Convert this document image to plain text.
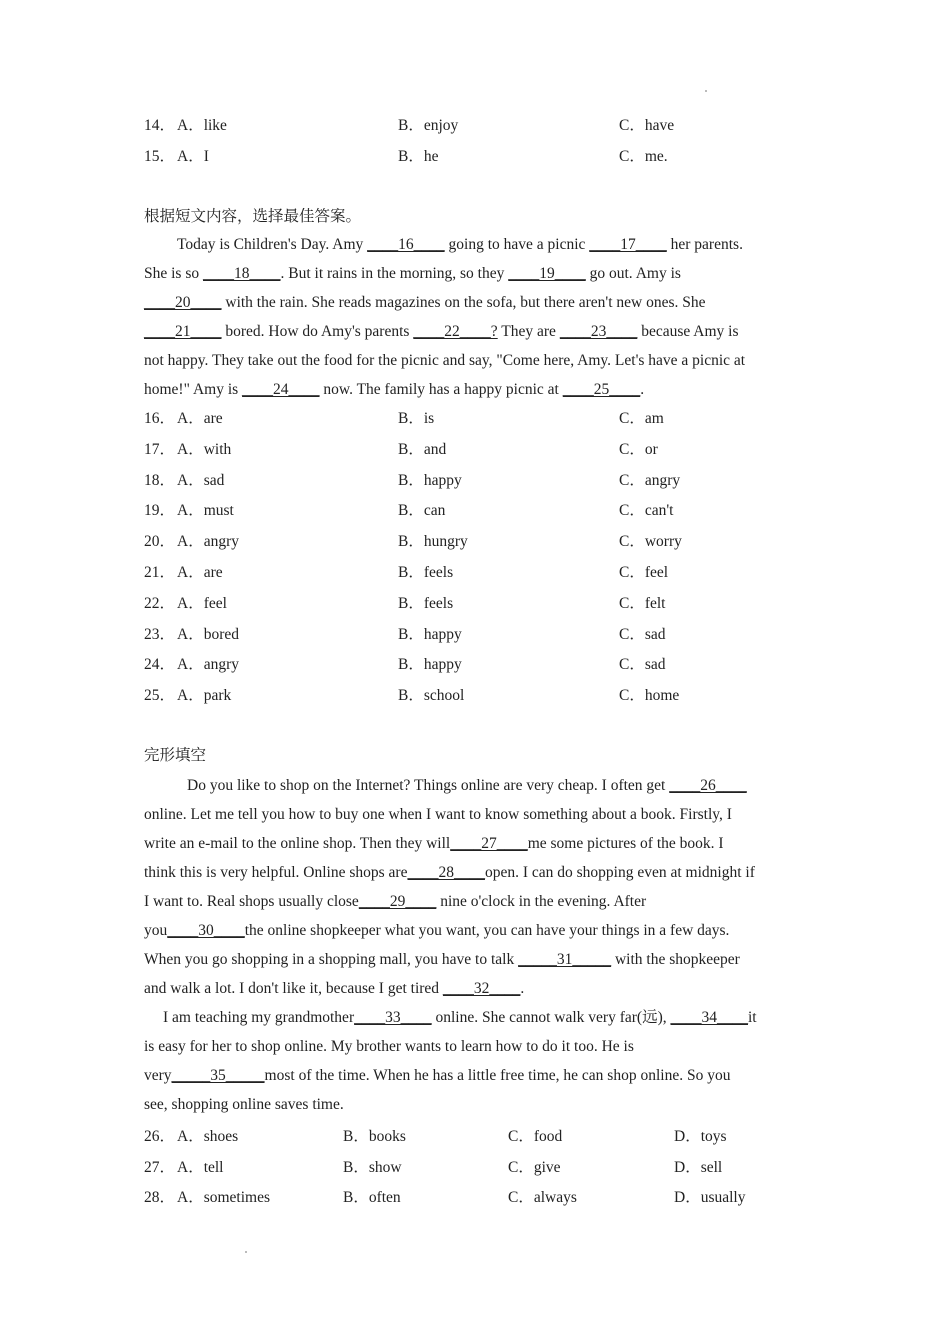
14． A．like	B．enjoy	C．have
15． A．I	B．he	C．me.
根据短文内容，选择最佳答案。
Today is Children's Day. Amy ____16____ going to have a picnic ____17____ her parents.
She is so ____18____. But it rains in the morning, so they ____19____ go out. Amy is
____20____ with the rain. She reads magazines on the sofa, but there aren't new ones. She
____21____ bored. How do Amy's parents ____22____? They are ____23____ because Amy is
not happy. They take out the food for the picnic and say, "Come here, Amy. Let's have a picnic at
home!" Amy is ____24____ now. The family has a happy picnic at ____25____.
16． A．are	B．is	C．am
17． A．with	B．and	C．or
18． A．sad	B．happy	C．angry
19． A．must	B．can	C．can't
20． A．angry	B．hungry	C．worry
21． A．are	B．feels	C．feel
22． A．feel	B．feels	C．felt
23． A．bored	B．happy	C．sad
24． A．angry	B．happy	C．sad
25． A．park	B．school	C．home
完形填空
Do you like to shop on the Internet? Things online are very cheap. I often get ____26____
online. Let me tell you how to buy one when I want to know something about a book. Firstly, I
write an e-mail to the online shop. Then they will____27____me some pictures of the book. I
think this is very helpful. Online shops are____28____open. I can do shopping even at midnight if
I want to. Real shops usually close____29____ nine o'clock in the evening. After
you____30____the online shopkeeper what you want, you can have your things in a few days.
When you go shopping in a shopping mall, you have to talk _____31_____ with the shopkeeper
and walk a lot. I don't like it, because I get tired ____32____.
I am teaching my grandmother____33____ online. She cannot walk very far(远), ____34____it
is easy for her to shop online. My brother wants to learn how to do it too. He is
very_____35_____most of the time. When he has a little free time, he can shop online. So you
see, shopping online saves time.
26． A．shoes	B．books	C．food	D．toys
27． A．tell	B．show	C．give	D．sell
28． A．sometimes	B．often	C．always	D．usually
